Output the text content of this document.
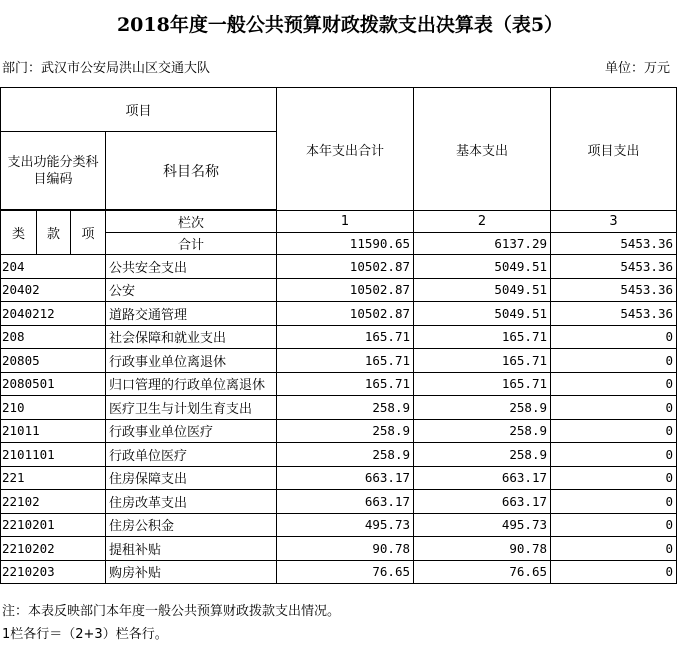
2018年度一般公共预算财政拨款支出决算表（表5）
部门：武汉市公安局洪山区交通大队	单位：万元
项目				本年支出合计	基本支出	项目支出
支出功能分类科目编码			科目名称			

类	款	项	栏次	1	2	3
			合计	11590.65	6137.29	5453.36
204			公共安全支出	10502.87	5049.51	5453.36
20402			公安	10502.87	5049.51	5453.36
2040212			道路交通管理	10502.87	5049.51	5453.36
208			社会保障和就业支出	165.71	165.71	0
20805			行政事业单位离退休	165.71	165.71	0
2080501			归口管理的行政单位离退休	165.71	165.71	0
210			医疗卫生与计划生育支出	258.9	258.9	0
21011			行政事业单位医疗	258.9	258.9	0
2101101			行政单位医疗	258.9	258.9	0
221			住房保障支出	663.17	663.17	0
22102			住房改革支出	663.17	663.17	0
2210201			住房公积金	495.73	495.73	0
2210202			提租补贴	90.78	90.78	0
2210203			购房补贴	76.65	76.65	0
注：本表反映部门本年度一般公共预算财政拨款支出情况。
1栏各行＝（2+3）栏各行。
